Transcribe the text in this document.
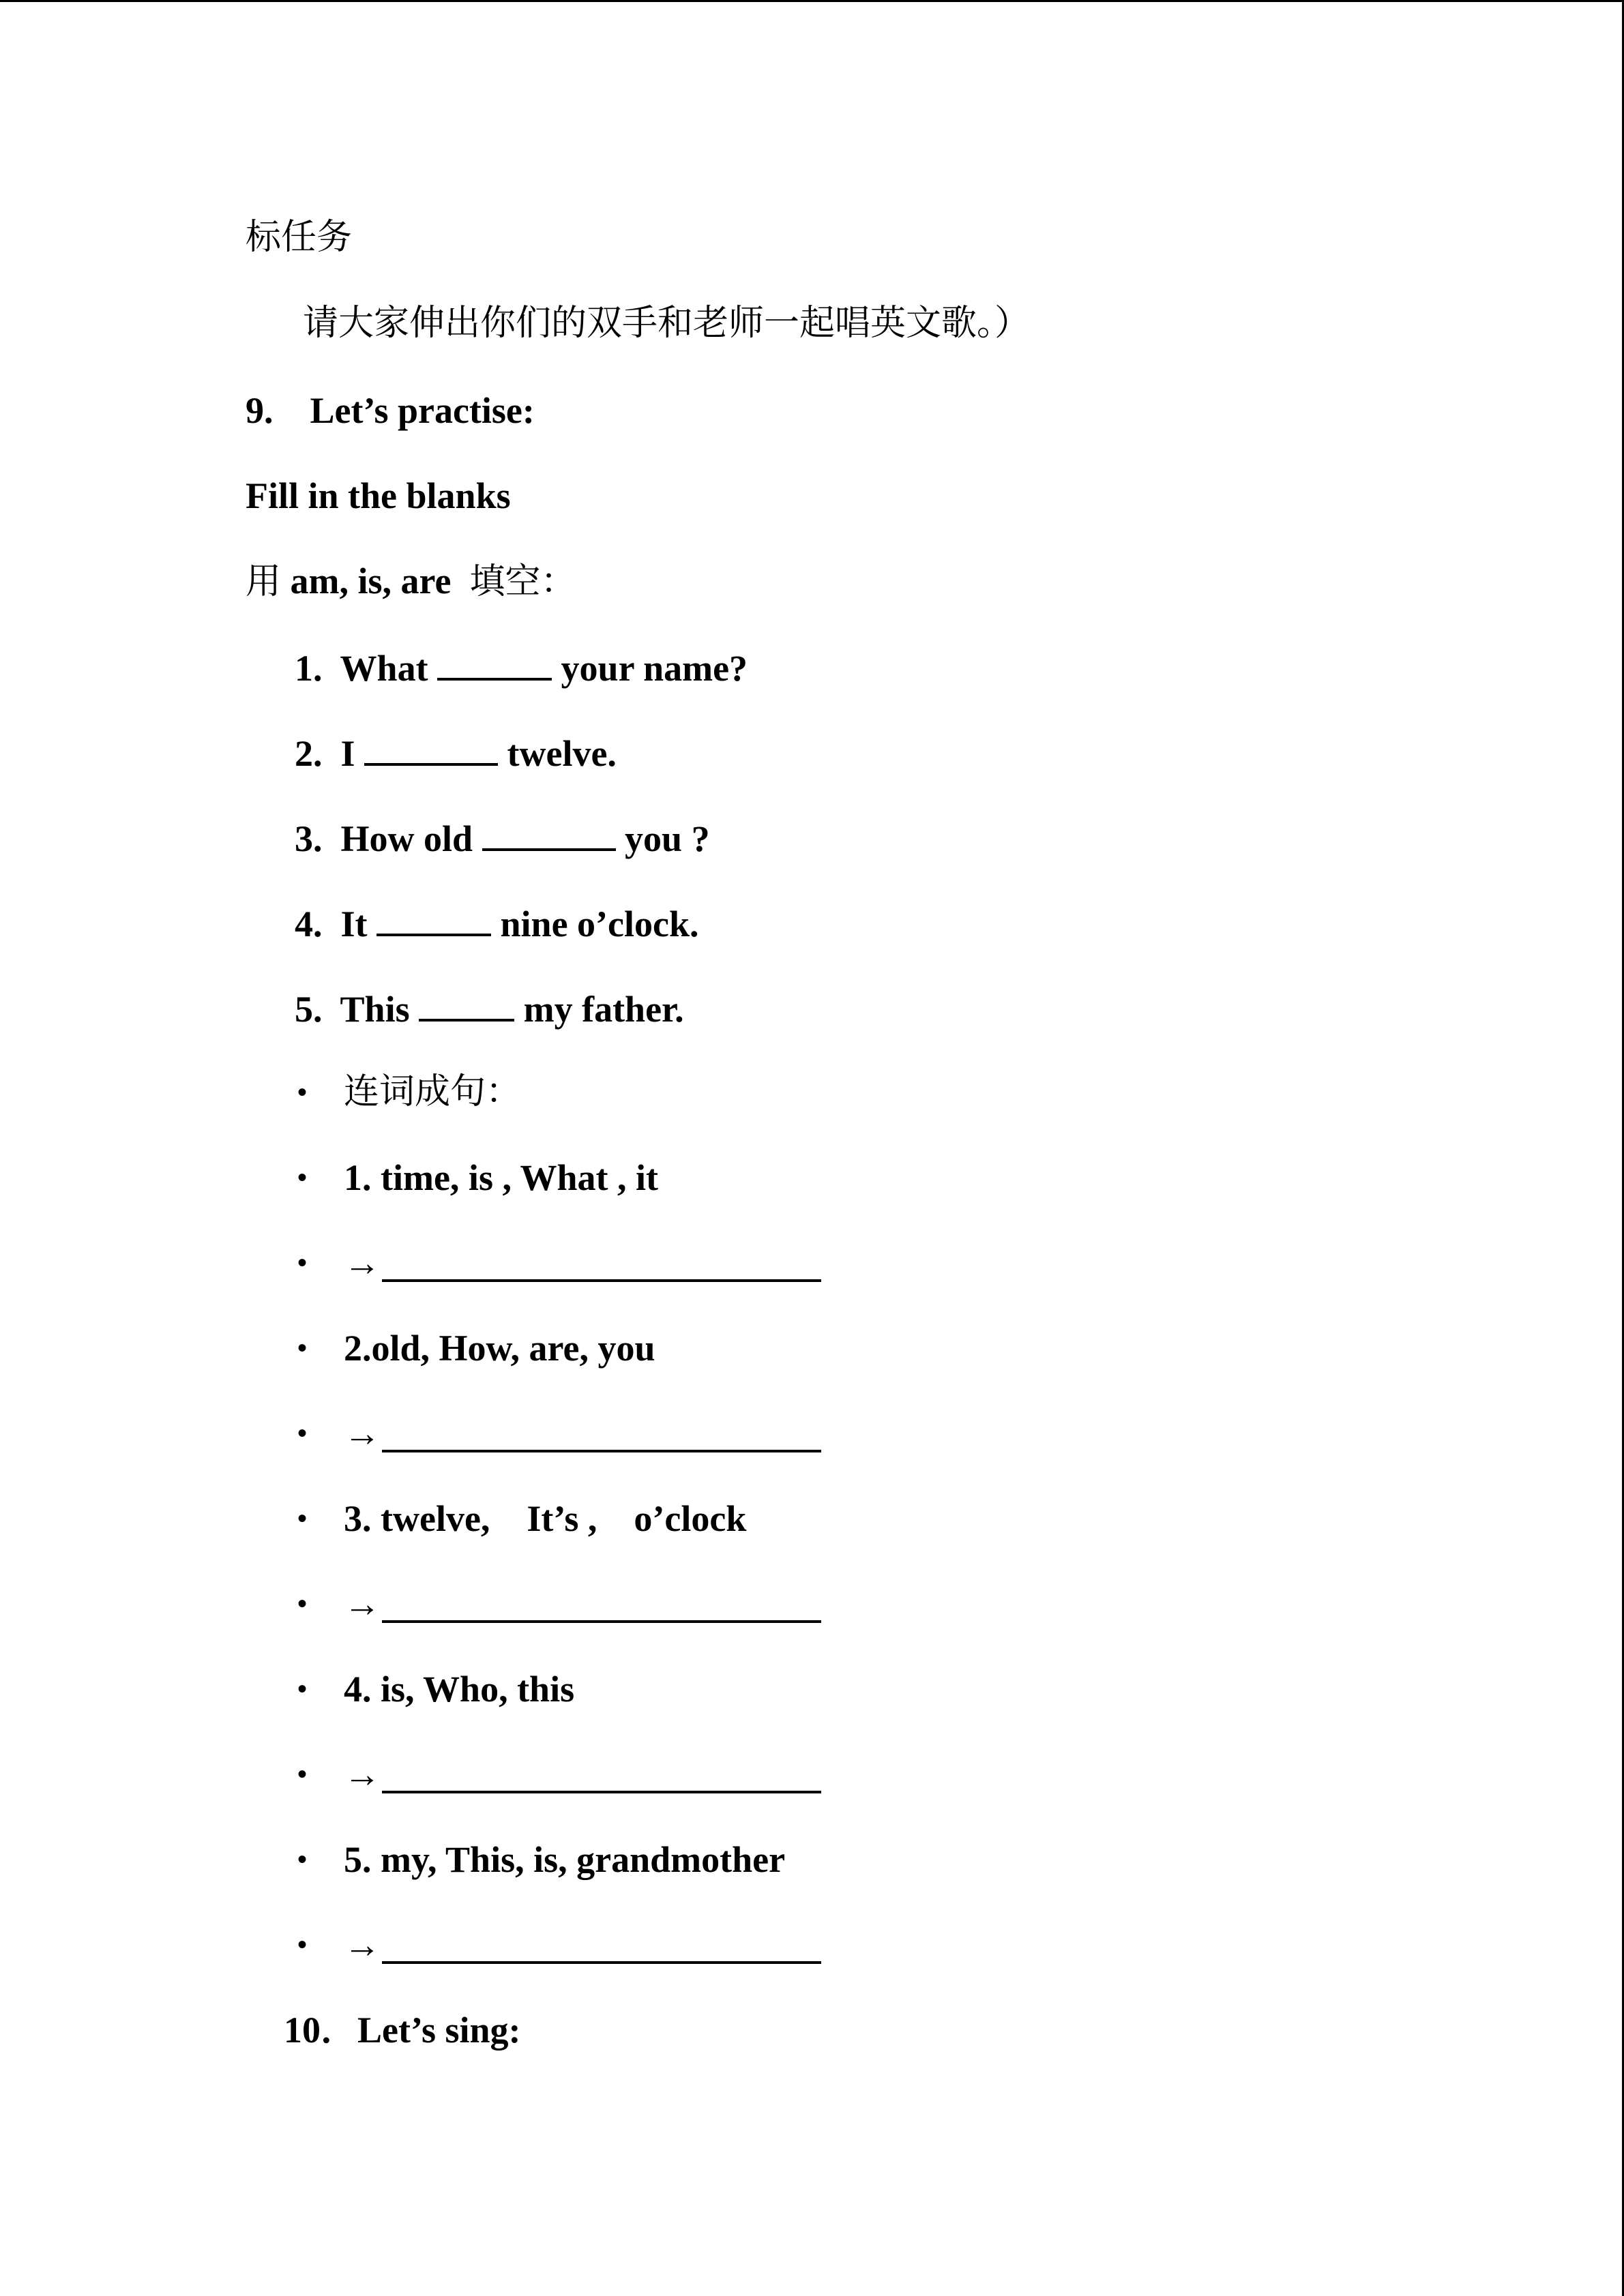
标任务
请大家伸出你们的双手和老师一起唱英文歌。）
9.    Let’s practise:
Fill in the blanks
用 am, is, are 填空：
1. What	your name?
2. I	twelve.
3. How old	you ?
4. It	nine o’clock.
5. This	my father.
• 连词成句：
• 1. time, is , What , it
• →
• 2.old, How, are, you
• →
• 3. twelve,    It’s ,    o’clock
• →
• 4. is, Who, this
• →
• 5. my, This, is, grandmother
• →
10．Let’s sing:
